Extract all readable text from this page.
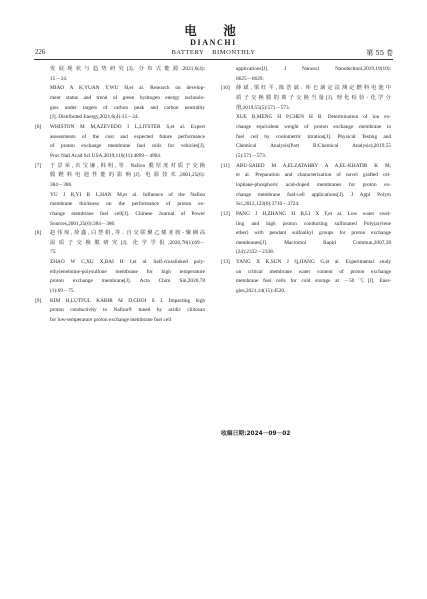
电　池
DIANCHI
226	BATTERY BIMONTHLY	第 55 卷
发展现状与趋势研究[J]. 分布式能源,2021,6(4):
15－24.
MIAO A K,YUAN Y,WU H,et al. Research on develop-
ment status and trend of green hydrogen energy technolo-
gies under targets of carbon peak and carbon neutrality
[J]. Distributed Energy,2021,6(4):15－24.
[6]	WHISTON M M,AZEVEDO I L,LITSTER S,et al. Expert
assessments of the cost and expected future performance
of proton exchange membrane fuel cells for vehicles[J].
Proc Natl Acad Sci USA,2019,116(11):4899－4904.
[7]	于景荣,衣宝廉,韩明,等. Nafion 膜厚度对质子交换
膜燃料电池性能的影响[J]. 电源技术,2001,25(6):
384－386.
YU J R,YI B L,HAN M,et al. Influence of the Nafion
membrane thickness on the performance of proton ex-
change membrane fuel cell[J]. Chinese Journal of Power
Sources,2001,25(6):384－386.
[8]	赵伟琼,徐鑫,白慧娟,等. 自交联聚乙烯亚胺-聚砜高
温质子交换膜研究[J]. 化学学报,2020,78(1):69－
75.
ZHAO W C,XU X,BAI H J,et al. Self-crosslinked poly-
ethyleneimine-polysulfone membrane for high temperature
proton exchange membrane[J]. Acta Chim Sin,2020,78
(1):69－75.
[9]	KIM H,LUTFUL KABIR M D,CHOI S J. Impacting high
proton conductivity to Nafion® tuned by acidic chitosan
for low-temperature proton exchange membrane fuel cell
applications[J]. J Nanosci Nanotechnol,2019,19(10):
6625－6629.
[10]	薛斌,梁红平,陈浩斌. 库仑滴定法测定燃料电池中
质子交换膜的离子交换当量[J]. 理化检验-化学分
册,2019,55(5):571－573.
XUE B,MENG H P,CHEN H B. Determination of ion ex-
change equivalent weight of proton exchange membrane in
fuel cell by coulometric titration[J]. Physical Testing and
Chemical Analysis(Part B:Chemical Analysis),2019,55
(5):571－573.
[11]	ABU-SAIED M A,ELZATAHRY A A,EL-KHATIB K M,
et al. Preparation and characterization of novel grafted cel-
lophane-phosphoric acid-doped membranes for proton ex-
change membrane fuel-cell applications[J]. J Appl Polym
Sci,2012,123(6):3710－3724.
[12]	PANG J H,ZHANG H B,LI X F,et al. Low water swel-
ling and high proton conducting sulfonated Poly(arylene
ether) with pendant sulfoalkyl groups for proton exchange
membranes[J]. Macromol Rapid Commun,2007,28
(24):2332－2338.
[13]	YANG X K,SUN J Q,JIANG G,et al. Experimental study
on critical membrane water content of proton exchange
membrane fuel cells for cold storage at －50 ℃[J]. Ener-
gies,2021,14(15):4520.
收稿日期:2024－09－02
